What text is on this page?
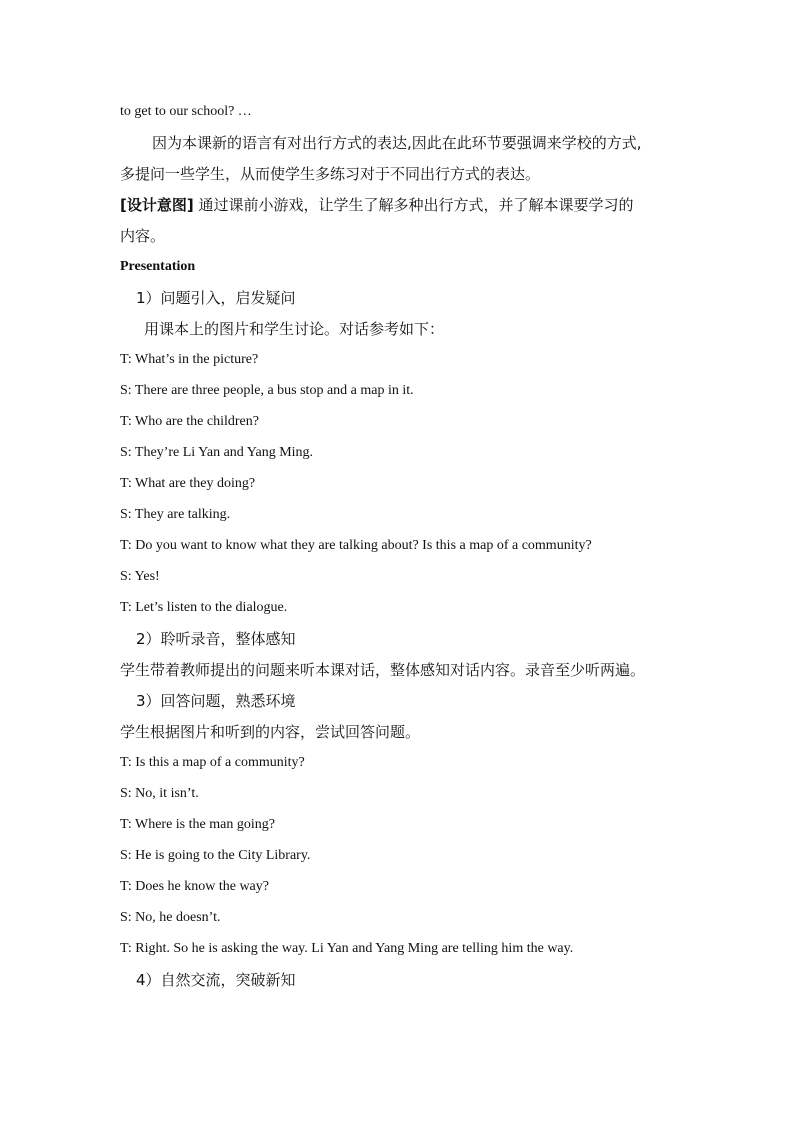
to get to our school? …
因为本课新的语言有对出行方式的表达,因此在此环节要强调来学校的方式,
多提问一些学生，从而使学生多练习对于不同出行方式的表达。
[设计意图] 通过课前小游戏，让学生了解多种出行方式，并了解本课要学习的
内容。
Presentation
1）问题引入，启发疑问
用课本上的图片和学生讨论。对话参考如下：
T: What’s in the picture?
S: There are three people, a bus stop and a map in it.
T: Who are the children?
S: They’re Li Yan and Yang Ming.
T: What are they doing?
S: They are talking.
T: Do you want to know what they are talking about? Is this a map of a community?
S: Yes!
T: Let’s listen to the dialogue.
2）聆听录音，整体感知
学生带着教师提出的问题来听本课对话，整体感知对话内容。录音至少听两遍。
3）回答问题，熟悉环境
学生根据图片和听到的内容，尝试回答问题。
T: Is this a map of a community?
S: No, it isn’t.
T: Where is the man going?
S: He is going to the City Library.
T: Does he know the way?
S: No, he doesn’t.
T: Right. So he is asking the way. Li Yan and Yang Ming are telling him the way.
4）自然交流，突破新知
